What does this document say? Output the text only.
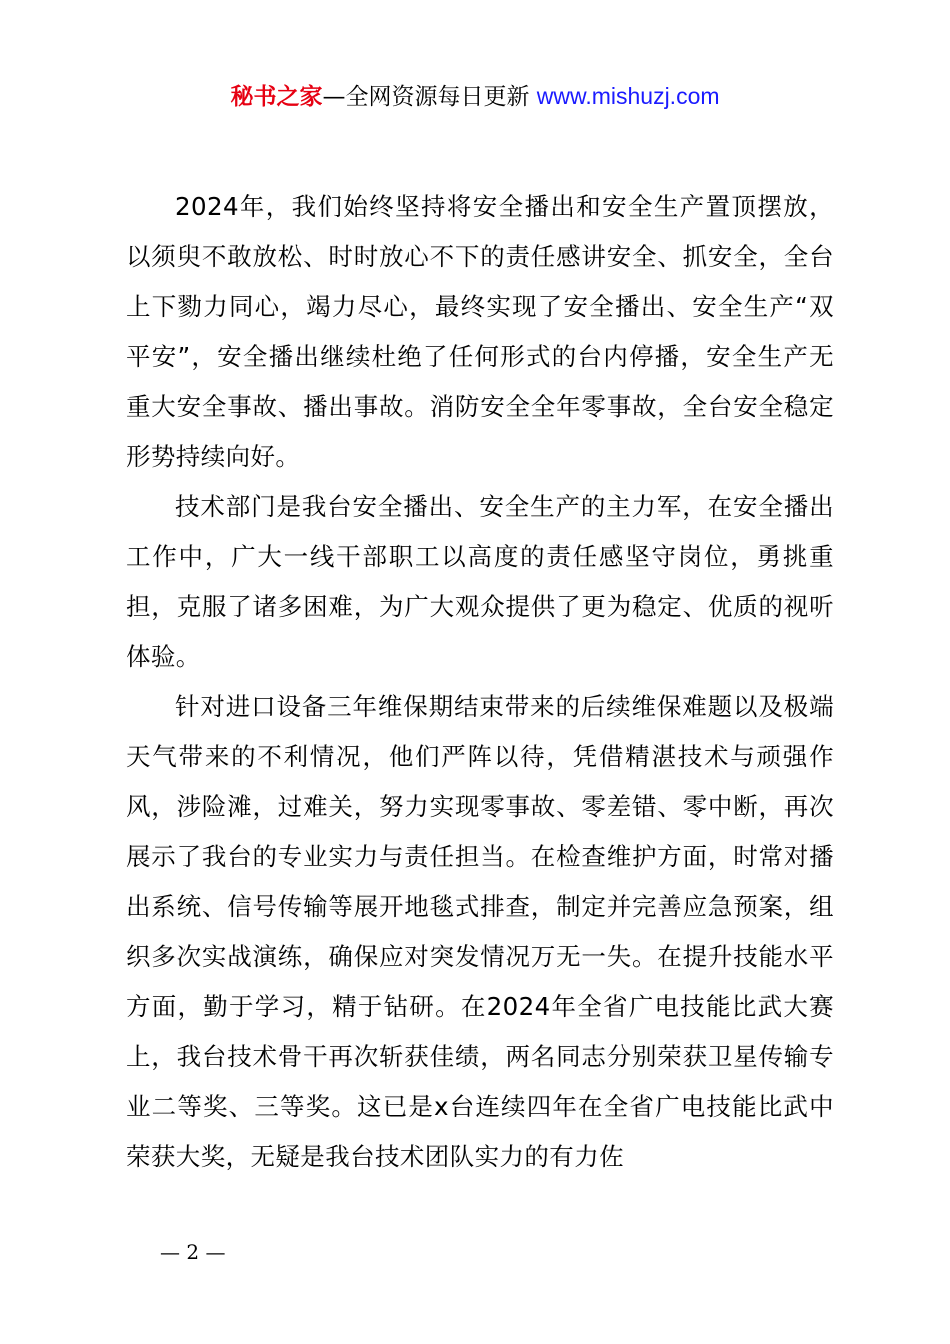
秘书之家—全网资源每日更新 www.mishuzj.com

2024年，我们始终坚持将安全播出和安全生产置顶摆放，以须臾不敢放松、时时放心不下的责任感讲安全、抓安全，全台上下勠力同心，竭力尽心，最终实现了安全播出、安全生产“双平安”，安全播出继续杜绝了任何形式的台内停播，安全生产无重大安全事故、播出事故。消防安全全年零事故，全台安全稳定形势持续向好。

技术部门是我台安全播出、安全生产的主力军，在安全播出工作中，广大一线干部职工以高度的责任感坚守岗位，勇挑重担，克服了诸多困难，为广大观众提供了更为稳定、优质的视听体验。

针对进口设备三年维保期结束带来的后续维保难题以及极端天气带来的不利情况，他们严阵以待，凭借精湛技术与顽强作风，涉险滩，过难关，努力实现零事故、零差错、零中断，再次展示了我台的专业实力与责任担当。在检查维护方面，时常对播出系统、信号传输等展开地毯式排查，制定并完善应急预案，组织多次实战演练，确保应对突发情况万无一失。在提升技能水平方面，勤于学习，精于钻研。在2024年全省广电技能比武大赛上，我台技术骨干再次斩获佳绩，两名同志分别荣获卫星传输专业二等奖、三等奖。这已是x台连续四年在全省广电技能比武中荣获大奖，无疑是我台技术团队实力的有力佐

— 2 —
